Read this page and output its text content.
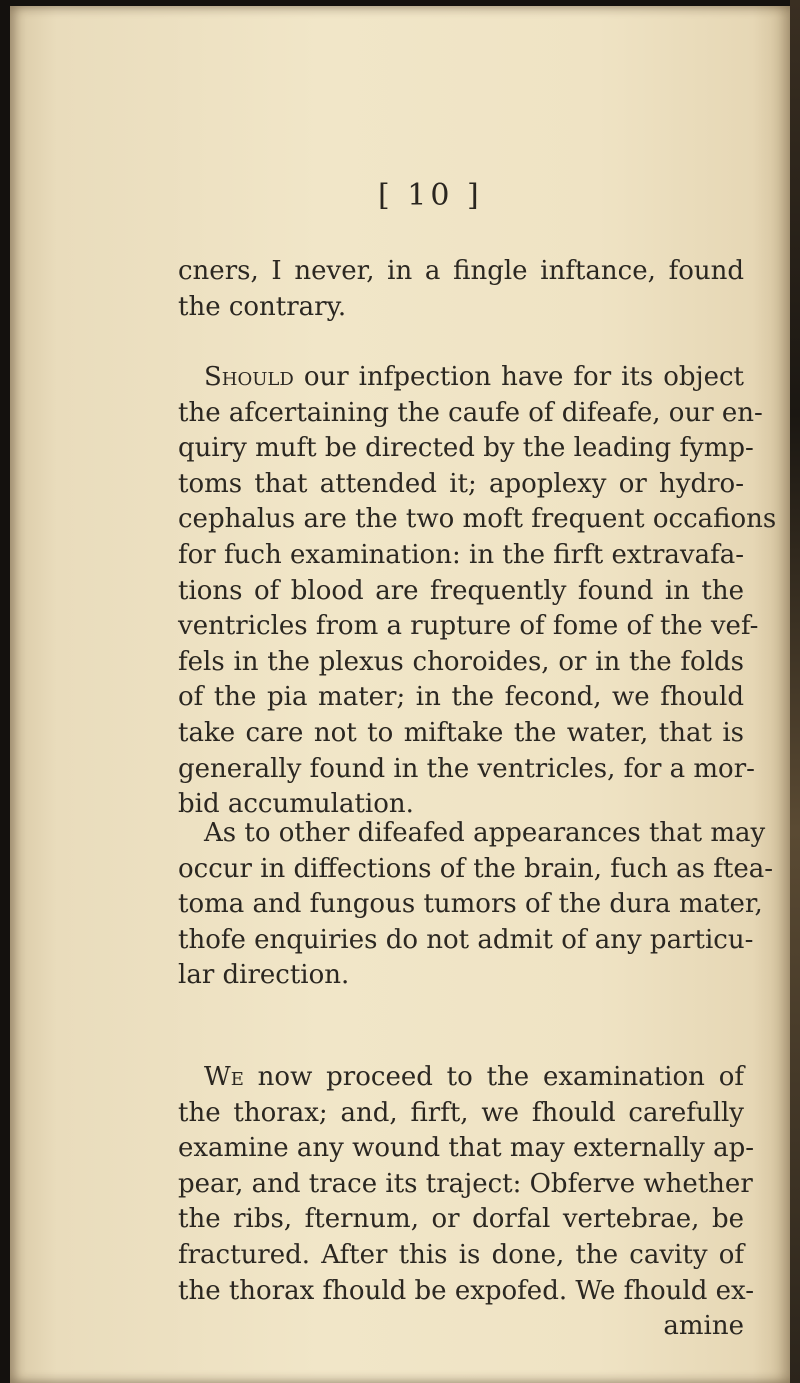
[ 10 ]
cners, I never, in a fingle inftance, found
the contrary.
Should our infpection have for its object
the afcertaining the caufe of difeafe, our en-
quiry muft be directed by the leading fymp-
toms that attended it; apoplexy or hydro-
cephalus are the two moft frequent occafions
for fuch examination: in the firft extravafa-
tions of blood are frequently found in the
ventricles from a rupture of fome of the vef-
fels in the plexus choroides, or in the folds
of the pia mater; in the fecond, we fhould
take care not to miftake the water, that is
generally found in the ventricles, for a mor-
bid accumulation.
As to other difeafed appearances that may
occur in diffections of the brain, fuch as ftea-
toma and fungous tumors of the dura mater,
thofe enquiries do not admit of any particu-
lar direction.
We now proceed to the examination of
the thorax; and, firft, we fhould carefully
examine any wound that may externally ap-
pear, and trace its traject: Obferve whether
the ribs, fternum, or dorfal vertebrae, be
fractured. After this is done, the cavity of
the thorax fhould be expofed. We fhould ex-
amine
